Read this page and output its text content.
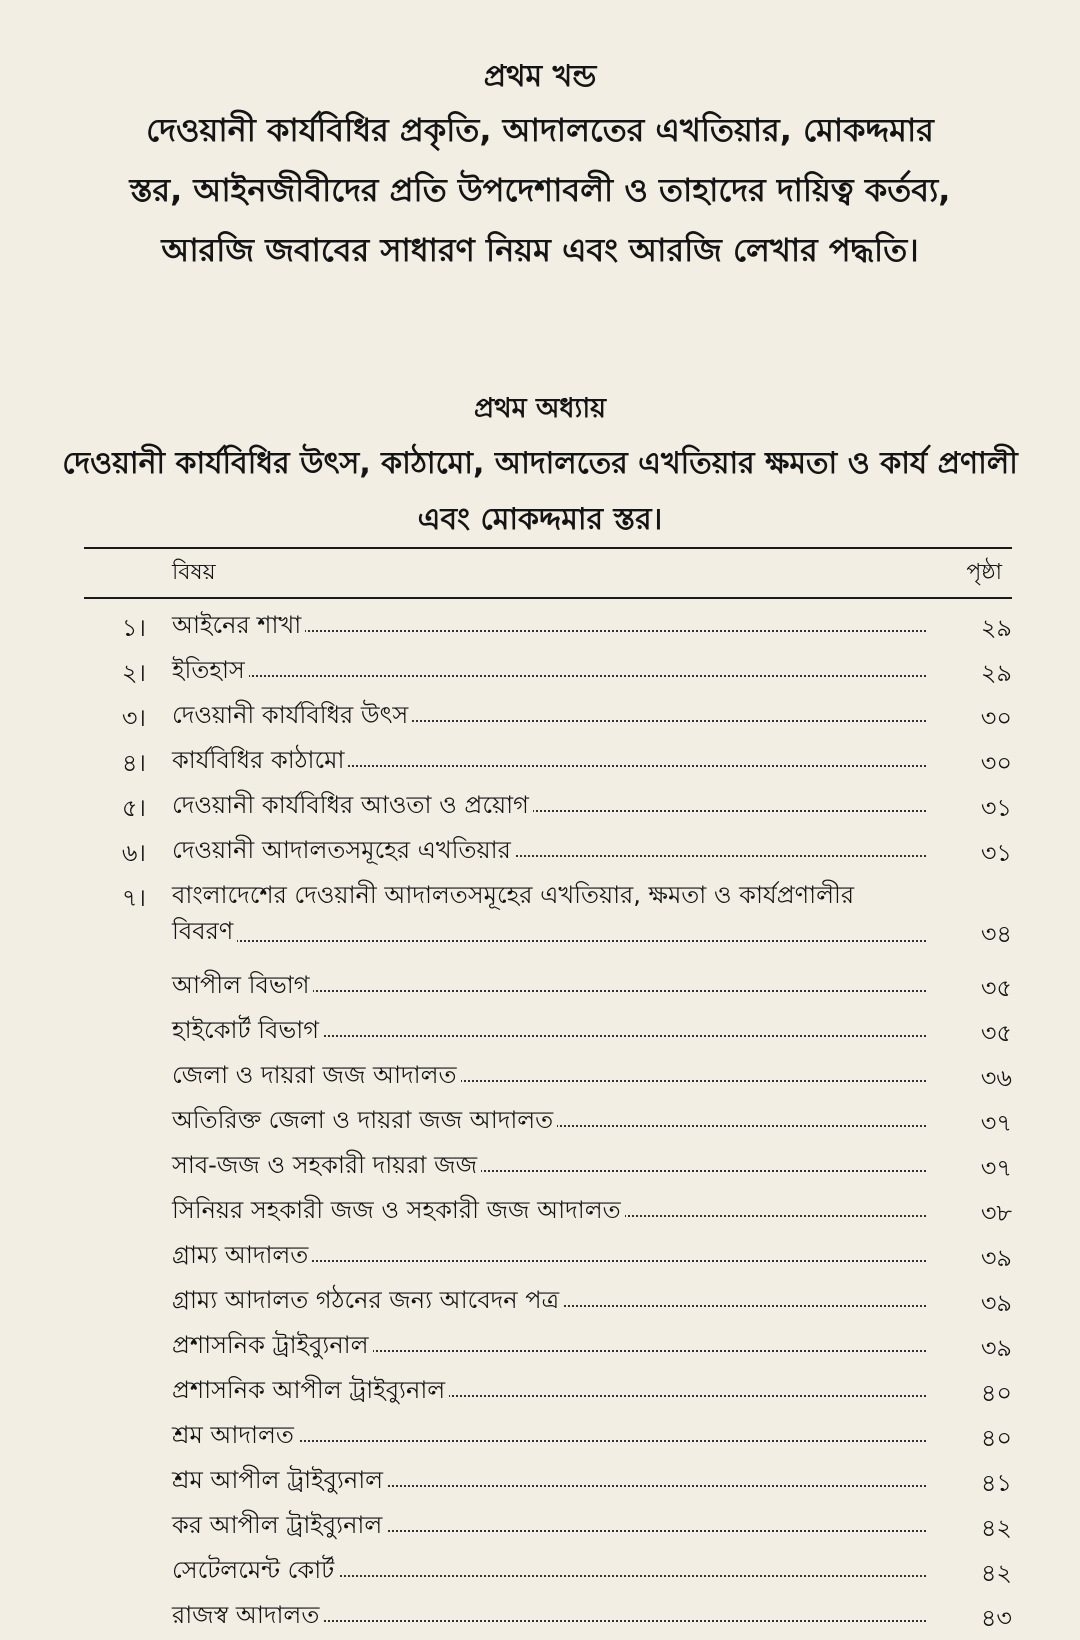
প্রথম খন্ড
দেওয়ানী কার্যবিধির প্রকৃতি, আদালতের এখতিয়ার, মোকদ্দমার স্তর, আইনজীবীদের প্রতি উপদেশাবলী ও তাহাদের দায়িত্ব কর্তব্য, আরজি জবাবের সাধারণ নিয়ম এবং আরজি লেখার পদ্ধতি।
প্রথম অধ্যায়
দেওয়ানী কার্যবিধির উৎস, কাঠামো, আদালতের এখতিয়ার ক্ষমতা ও কার্য প্রণালী এবং মোকদ্দমার স্তর।
বিষয়	পৃষ্ঠা
১। আইনের শাখা	২৯
২। ইতিহাস	২৯
৩। দেওয়ানী কার্যবিধির উৎস	৩০
৪। কার্যবিধির কাঠামো	৩০
৫। দেওয়ানী কার্যবিধির আওতা ও প্রয়োগ	৩১
৬। দেওয়ানী আদালতসমূহের এখতিয়ার	৩১
৭। বাংলাদেশের দেওয়ানী আদালতসমূহের এখতিয়ার, ক্ষমতা ও কার্যপ্রণালীর
বিবরণ	৩৪
আপীল বিভাগ	৩৫
হাইকোর্ট বিভাগ	৩৫
জেলা ও দায়রা জজ আদালত	৩৬
অতিরিক্ত জেলা ও দায়রা জজ আদালত	৩৭
সাব-জজ ও সহকারী দায়রা জজ	৩৭
সিনিয়র সহকারী জজ ও সহকারী জজ আদালত	৩৮
গ্রাম্য আদালত	৩৯
গ্রাম্য আদালত গঠনের জন্য আবেদন পত্র	৩৯
প্রশাসনিক ট্রাইব্যুনাল	৩৯
প্রশাসনিক আপীল ট্রাইব্যুনাল	৪০
শ্রম আদালত	৪০
শ্রম আপীল ট্রাইব্যুনাল	৪১
কর আপীল ট্রাইব্যুনাল	৪২
সেটেলমেন্ট কোর্ট	৪২
রাজস্ব আদালত	৪৩
